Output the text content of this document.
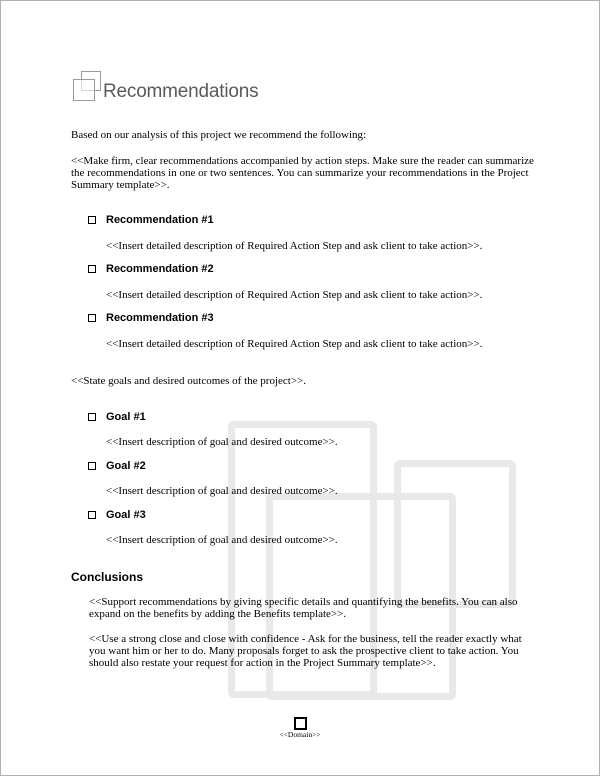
Recommendations

Based on our analysis of this project we recommend the following:

<<Make firm, clear recommendations accompanied by action steps. Make sure the reader can summarize

the recommendations in one or two sentences. You can summarize your recommendations in the Project

Summary template>>.

Recommendation #1

<<Insert detailed description of Required Action Step and ask client to take action>>.

Recommendation #2

<<Insert detailed description of Required Action Step and ask client to take action>>.

Recommendation #3

<<Insert detailed description of Required Action Step and ask client to take action>>.

<<State goals and desired outcomes of the project>>.

Goal #1

<<Insert description of goal and desired outcome>>.

Goal #2

<<Insert description of goal and desired outcome>>.

Goal #3

<<Insert description of goal and desired outcome>>.

Conclusions

<<Support recommendations by giving specific details and quantifying the benefits. You can also

expand on the benefits by adding the Benefits template>>.

<<Use a strong close and close with confidence - Ask for the business, tell the reader exactly what

you want him or her to do. Many proposals forget to ask the prospective client to take action. You

should also restate your request for action in the Project Summary template>>.

<<Domain>>
